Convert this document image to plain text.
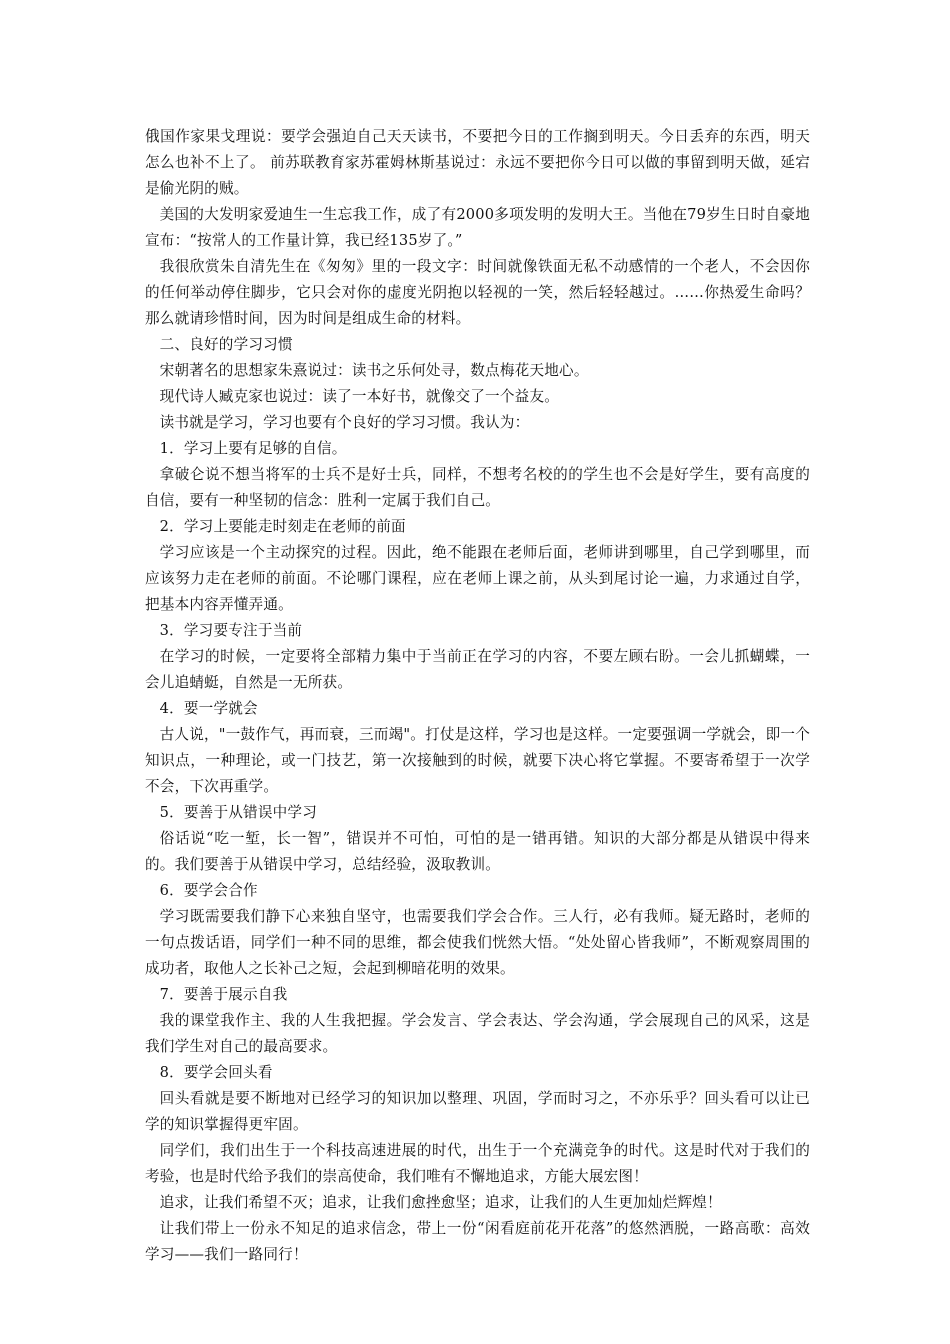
俄国作家果戈理说：要学会强迫自己天天读书，不要把今日的工作搁到明天。今日丢弃的东西，明天怎么也补不上了。 前苏联教育家苏霍姆林斯基说过：永远不要把你今日可以做的事留到明天做，延宕是偷光阴的贼。

美国的大发明家爱迪生一生忘我工作，成了有2000多项发明的发明大王。当他在79岁生日时自豪地宣布：“按常人的工作量计算，我已经135岁了。”

我很欣赏朱自清先生在《匆匆》里的一段文字：时间就像铁面无私不动感情的一个老人，不会因你的任何举动停住脚步，它只会对你的虚度光阴抱以轻视的一笑，然后轻轻越过。……你热爱生命吗？那么就请珍惜时间，因为时间是组成生命的材料。

二、良好的学习习惯

宋朝著名的思想家朱熹说过：读书之乐何处寻，数点梅花天地心。

现代诗人臧克家也说过：读了一本好书，就像交了一个益友。

读书就是学习，学习也要有个良好的学习习惯。我认为：

1．学习上要有足够的自信。

拿破仑说不想当将军的士兵不是好士兵，同样，不想考名校的的学生也不会是好学生，要有高度的自信，要有一种坚韧的信念：胜利一定属于我们自己。

2．学习上要能走时刻走在老师的前面

学习应该是一个主动探究的过程。因此，绝不能跟在老师后面，老师讲到哪里，自己学到哪里，而应该努力走在老师的前面。不论哪门课程，应在老师上课之前，从头到尾讨论一遍，力求通过自学，把基本内容弄懂弄通。

3．学习要专注于当前

在学习的时候，一定要将全部精力集中于当前正在学习的内容，不要左顾右盼。一会儿抓蝴蝶，一会儿追蜻蜓，自然是一无所获。

4．要一学就会

古人说，"一鼓作气，再而衰，三而竭"。打仗是这样，学习也是这样。一定要强调一学就会，即一个知识点，一种理论，或一门技艺，第一次接触到的时候，就要下决心将它掌握。不要寄希望于一次学不会，下次再重学。

5．要善于从错误中学习

俗话说“吃一堑，长一智”，错误并不可怕，可怕的是一错再错。知识的大部分都是从错误中得来的。我们要善于从错误中学习，总结经验，汲取教训。

6．要学会合作

学习既需要我们静下心来独自坚守，也需要我们学会合作。三人行，必有我师。疑无路时，老师的一句点拨话语，同学们一种不同的思维，都会使我们恍然大悟。“处处留心皆我师”，不断观察周围的成功者，取他人之长补己之短，会起到柳暗花明的效果。

7．要善于展示自我

我的课堂我作主、我的人生我把握。学会发言、学会表达、学会沟通，学会展现自己的风采，这是我们学生对自己的最高要求。

8．要学会回头看

回头看就是要不断地对已经学习的知识加以整理、巩固，学而时习之，不亦乐乎？回头看可以让已学的知识掌握得更牢固。

同学们，我们出生于一个科技高速进展的时代，出生于一个充满竞争的时代。这是时代对于我们的考验，也是时代给予我们的崇高使命，我们唯有不懈地追求，方能大展宏图！

追求，让我们希望不灭；追求，让我们愈挫愈坚；追求，让我们的人生更加灿烂辉煌！

让我们带上一份永不知足的追求信念，带上一份“闲看庭前花开花落”的悠然洒脱，一路高歌：高效学习——我们一路同行！
